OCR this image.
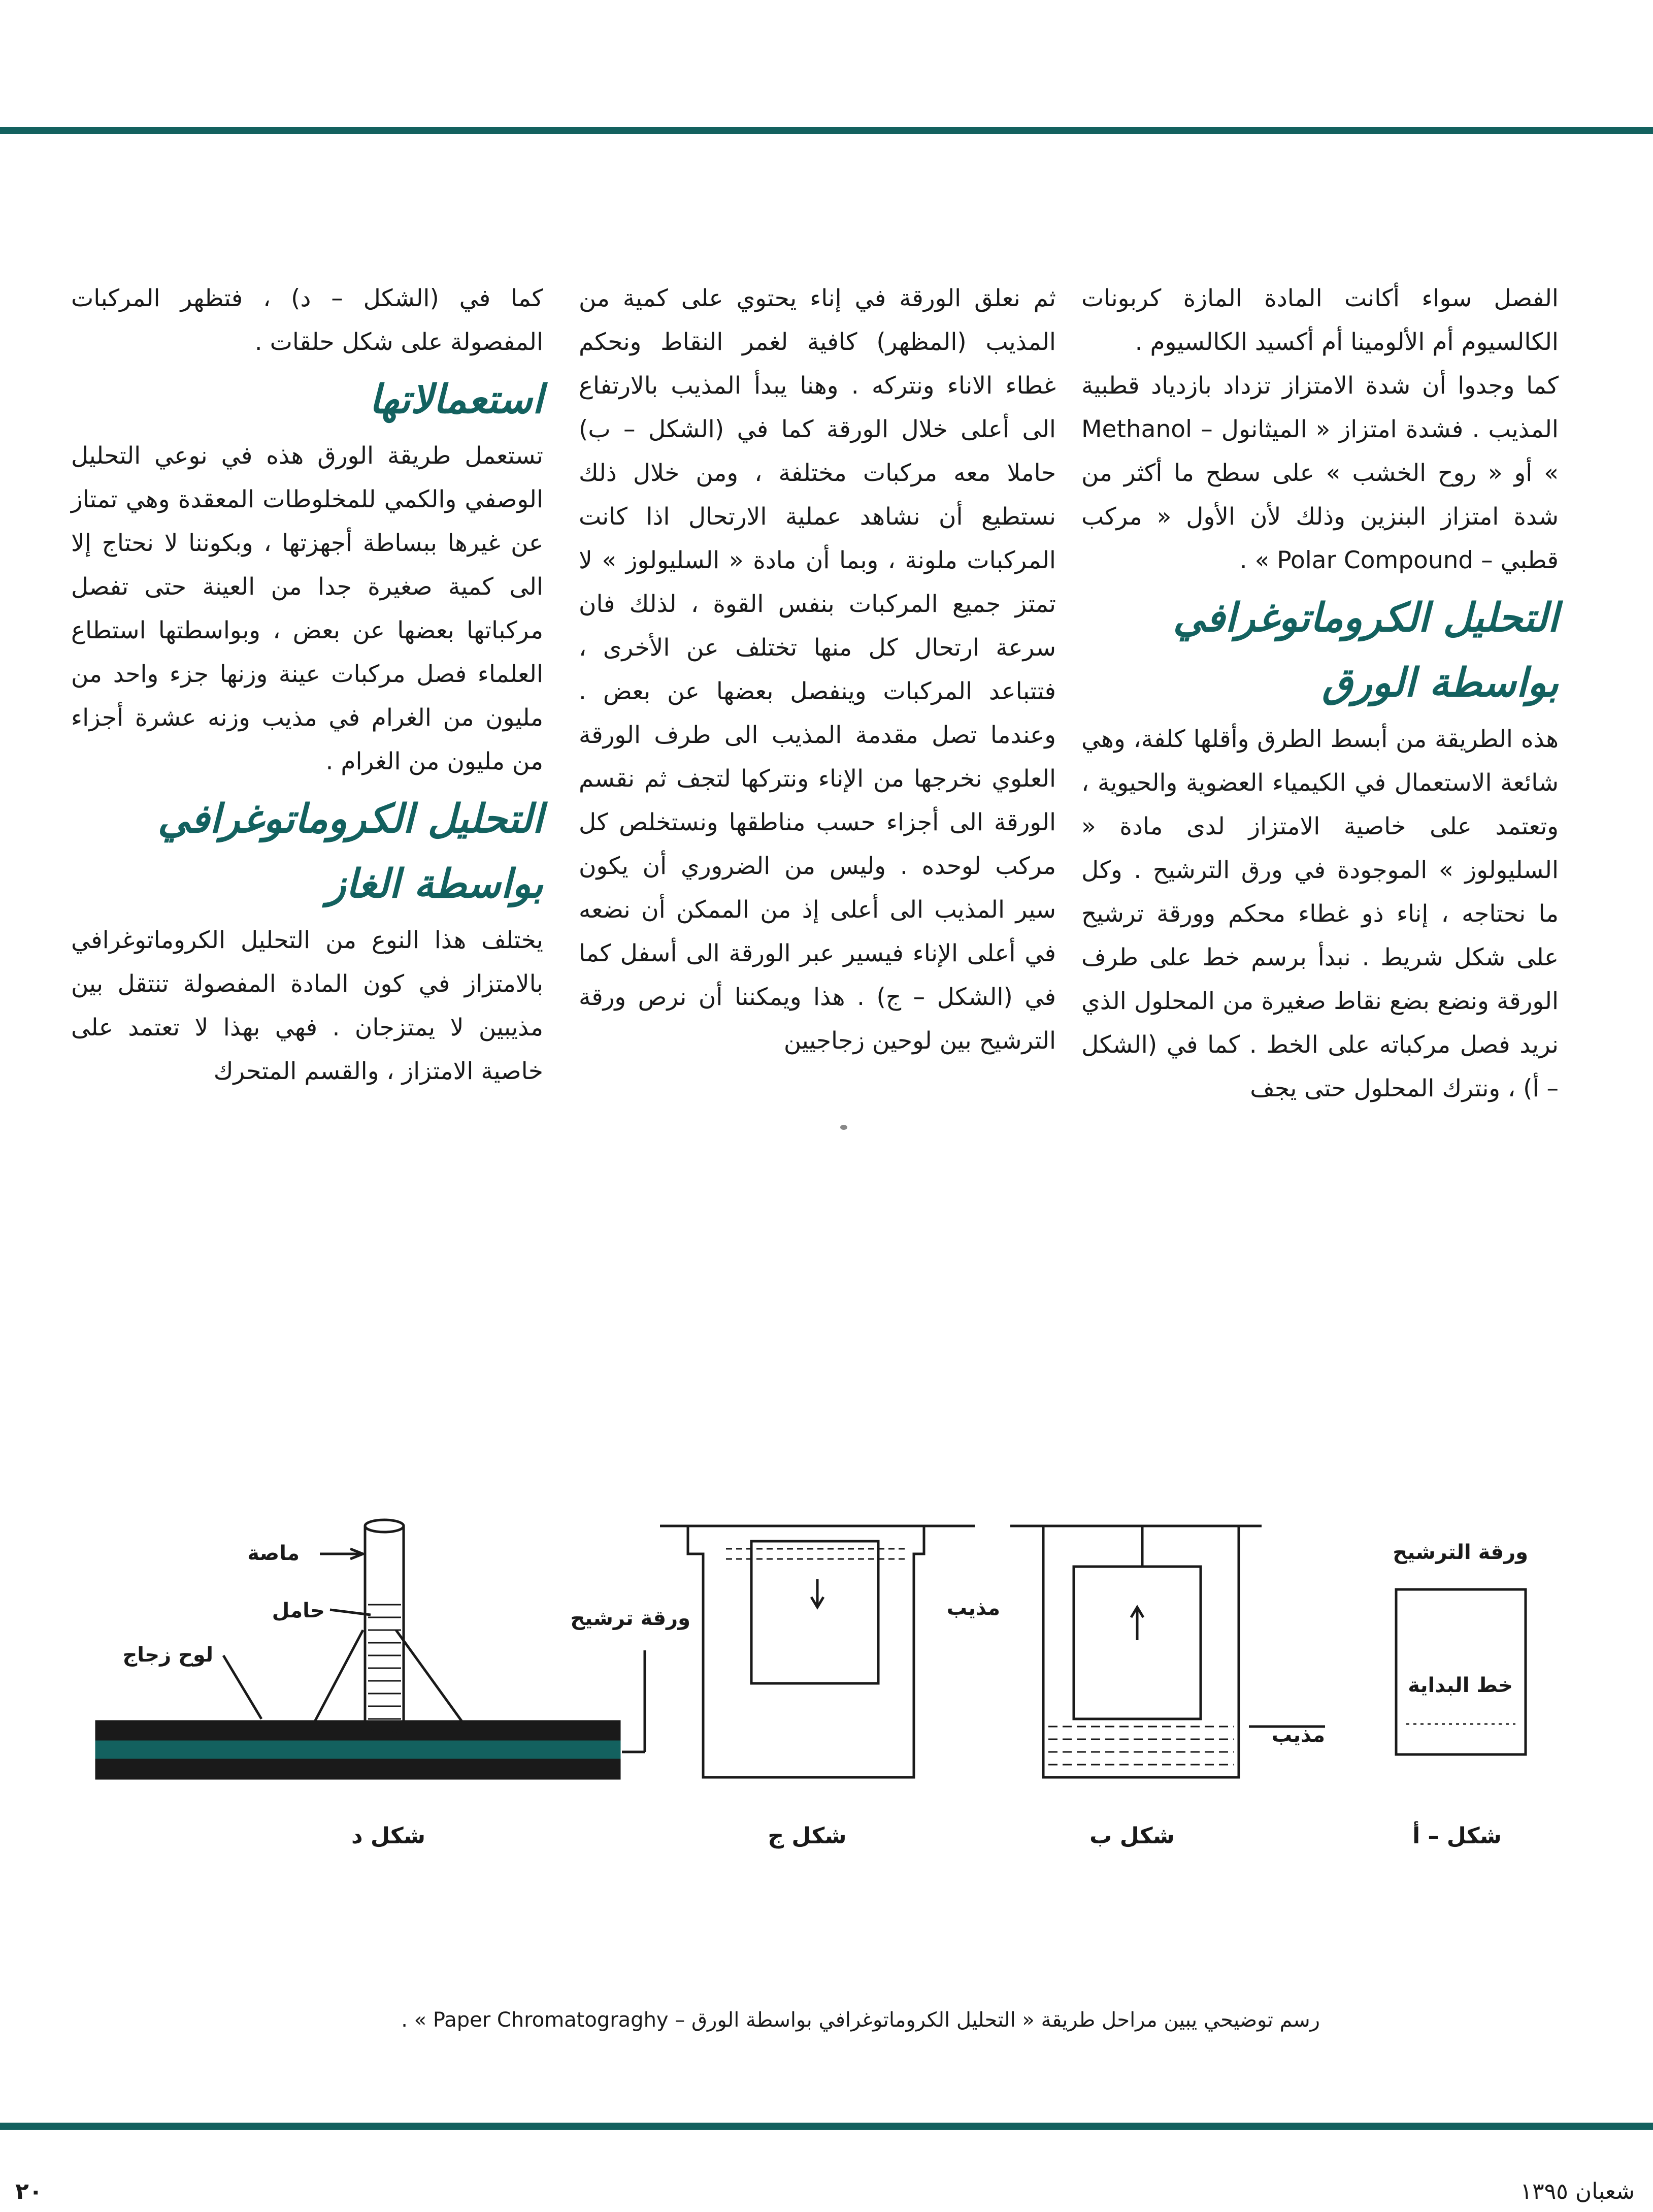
الفصل سواء أكانت المادة المازة كربونات الكالسيوم أم الألومينا أم أكسيد الكالسيوم .

كما وجدوا أن شدة الامتزاز تزداد بازدياد قطبية المذيب . فشدة امتزاز « الميثانول – Methanol » أو « روح الخشب » على سطح ما أكثر من شدة امتزاز البنزين وذلك لأن الأول « مركب قطبي – Polar Compound » .

التحليل الكروماتوغرافي بواسطة الورق

هذه الطريقة من أبسط الطرق وأقلها كلفة، وهي شائعة الاستعمال في الكيمياء العضوية والحيوية ، وتعتمد على خاصية الامتزاز لدى مادة « السليولوز » الموجودة في ورق الترشيح . وكل ما نحتاجه ، إناء ذو غطاء محكم وورقة ترشيح على شكل شريط . نبدأ برسم خط على طرف الورقة ونضع بضع نقاط صغيرة من المحلول الذي نريد فصل مركباته على الخط . كما في (الشكل – أ) ، ونترك المحلول حتى يجف

ثم نعلق الورقة في إناء يحتوي على كمية من المذيب (المظهر) كافية لغمر النقاط ونحكم غطاء الاناء ونتركه . وهنا يبدأ المذيب بالارتفاع الى أعلى خلال الورقة كما في (الشكل – ب) حاملا معه مركبات مختلفة ، ومن خلال ذلك نستطيع أن نشاهد عملية الارتحال اذا كانت المركبات ملونة ، وبما أن مادة « السليولوز » لا تمتز جميع المركبات بنفس القوة ، لذلك فان سرعة ارتحال كل منها تختلف عن الأخرى ، فتتباعد المركبات وينفصل بعضها عن بعض . وعندما تصل مقدمة المذيب الى طرف الورقة العلوي نخرجها من الإناء ونتركها لتجف ثم نقسم الورقة الى أجزاء حسب مناطقها ونستخلص كل مركب لوحده . وليس من الضروري أن يكون سير المذيب الى أعلى إذ من الممكن أن نضعه في أعلى الإناء فيسير عبر الورقة الى أسفل كما في (الشكل – ج) . هذا ويمكننا أن نرص ورقة الترشيح بين لوحين زجاجيين

كما في (الشكل – د) ، فتظهر المركبات المفصولة على شكل حلقات .

استعمالاتها

تستعمل طريقة الورق هذه في نوعي التحليل الوصفي والكمي للمخلوطات المعقدة وهي تمتاز عن غيرها ببساطة أجهزتها ، وبكوننا لا نحتاج إلا الى كمية صغيرة جدا من العينة حتى تفصل مركباتها بعضها عن بعض ، وبواسطتها استطاع العلماء فصل مركبات عينة وزنها جزء واحد من مليون من الغرام في مذيب وزنه عشرة أجزاء من مليون من الغرام .

التحليل الكروماتوغرافي بواسطة الغاز

يختلف هذا النوع من التحليل الكروماتوغرافي بالامتزاز في كون المادة المفصولة تنتقل بين مذيبين لا يمتزجان . فهي بهذا لا تعتمد على خاصية الامتزاز ، والقسم المتحرك

ماصة
حامل
لوح زجاج
ورقة ترشيح	مذيب
مذيب
ورقة الترشيح
خط البداية
شكل د	شكل ج	شكل ب	شكل – أ
رسم توضيحي يبين مراحل طريقة « التحليل الكروماتوغرافي بواسطة الورق – Paper Chromatograghy » .
٢٠	شعبان ١٣٩٥
